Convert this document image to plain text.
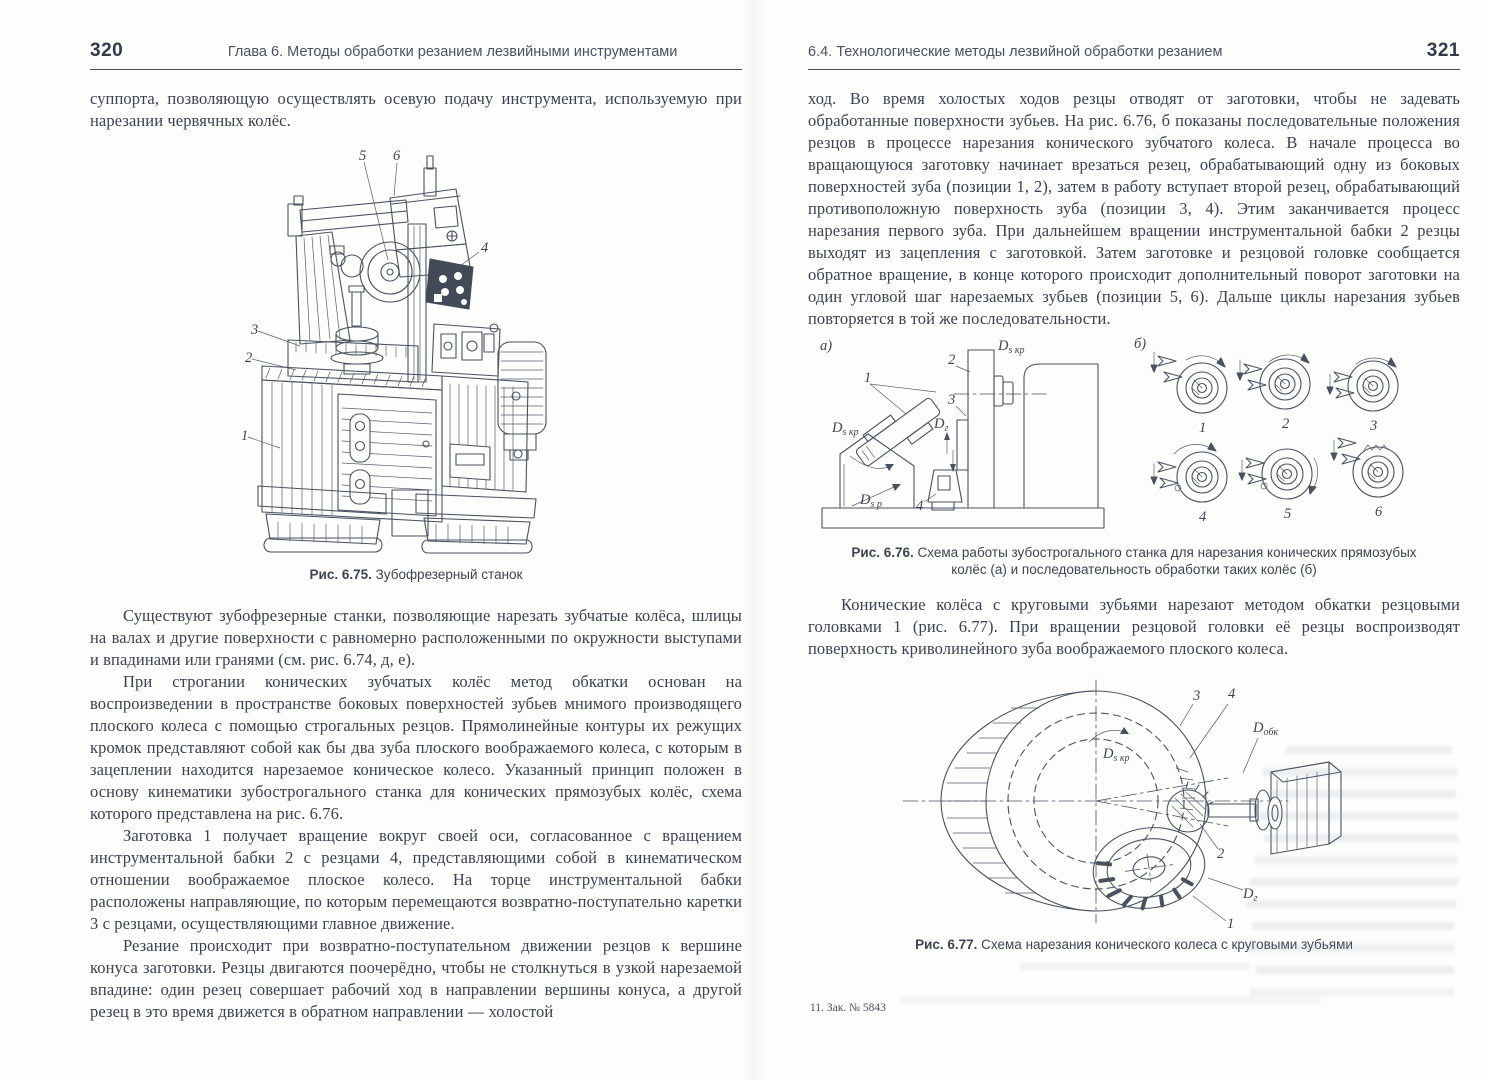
320	Глава 6. Методы обработки резанием лезвийными инструментами

суппорта, позволяющую осуществлять осевую подачу инструмента, используемую при нарезании червячных колёс.

5 6
4
3
2
1
Рис. 6.75. Зубофрезерный станок

Существуют зубофрезерные станки, позволяющие нарезать зубчатые колёса, шлицы на валах и другие поверхности с равномерно расположенными по окружности выступами и впадинами или гранями (см. рис. 6.74, д, е).

При строгании конических зубчатых колёс метод обкатки основан на воспроизведении в пространстве боковых поверхностей зубьев мнимого производящего плоского колеса с помощью строгальных резцов. Прямолинейные контуры их режущих кромок представляют собой как бы два зуба плоского воображаемого колеса, с которым в зацеплении находится нарезаемое коническое колесо. Указанный принцип положен в основу кинематики зубострогального станка для конических прямозубых колёс, схема которого представлена на рис. 6.76.

Заготовка 1 получает вращение вокруг своей оси, согласованное с вращением инструментальной бабки 2 с резцами 4, представляющими собой в кинематическом отношении воображаемое плоское колесо. На торце инструментальной бабки расположены направляющие, по которым перемещаются возвратно-поступательно каретки 3 с резцами, осуществляющими главное движение.

Резание происходит при возвратно-поступательном движении резцов к вершине конуса заготовки. Резцы двигаются поочерёдно, чтобы не столкнуться в узкой нарезаемой впадине: один резец совершает рабочий ход в направлении вершины конуса, а другой резец в это время движется в обратном направлении — холостой

6.4. Технологические методы лезвийной обработки резанием	321

ход. Во время холостых ходов резцы отводят от заготовки, чтобы не задевать обработанные поверхности зубьев. На рис. 6.76, б показаны последовательные положения резцов в процессе нарезания конического зубчатого колеса. В начале процесса во вращающуюся заготовку начинает врезаться резец, обрабатывающий одну из боковых поверхностей зуба (позиции 1, 2), затем в работу вступает второй резец, обрабатывающий противоположную поверхность зуба (позиции 3, 4). Этим заканчивается процесс нарезания первого зуба. При дальнейшем вращении инструментальной бабки 2 резцы выходят из зацепления с заготовкой. Затем заготовке и резцовой головке сообщается обратное вращение, в конце которого происходит дополнительный поворот заготовки на один угловой шаг нарезаемых зубьев (позиции 5, 6). Дальше циклы нарезания зубьев повторяется в той же последовательности.

а)
1
2
3
4
$D_{s кр}$
$D_г$
$D_{s кр}$
$D_{s р}$
б)
1	2	3
4	5	6
Рис. 6.76. Схема работы зубострогального станка для нарезания конических прямозубых колёс (а) и последовательность обработки таких колёс (б)

Конические колёса с круговыми зубьями нарезают методом обкатки резцовыми головками 1 (рис. 6.77). При вращении резцовой головки её резцы воспроизводят поверхность криволинейного зуба воображаемого плоского колеса.

3 4
$D_{обк}$
$D_{s кр}$
2
$D_г$
1
Рис. 6.77. Схема нарезания конического колеса с круговыми зубьями
11. Зак. № 5843
